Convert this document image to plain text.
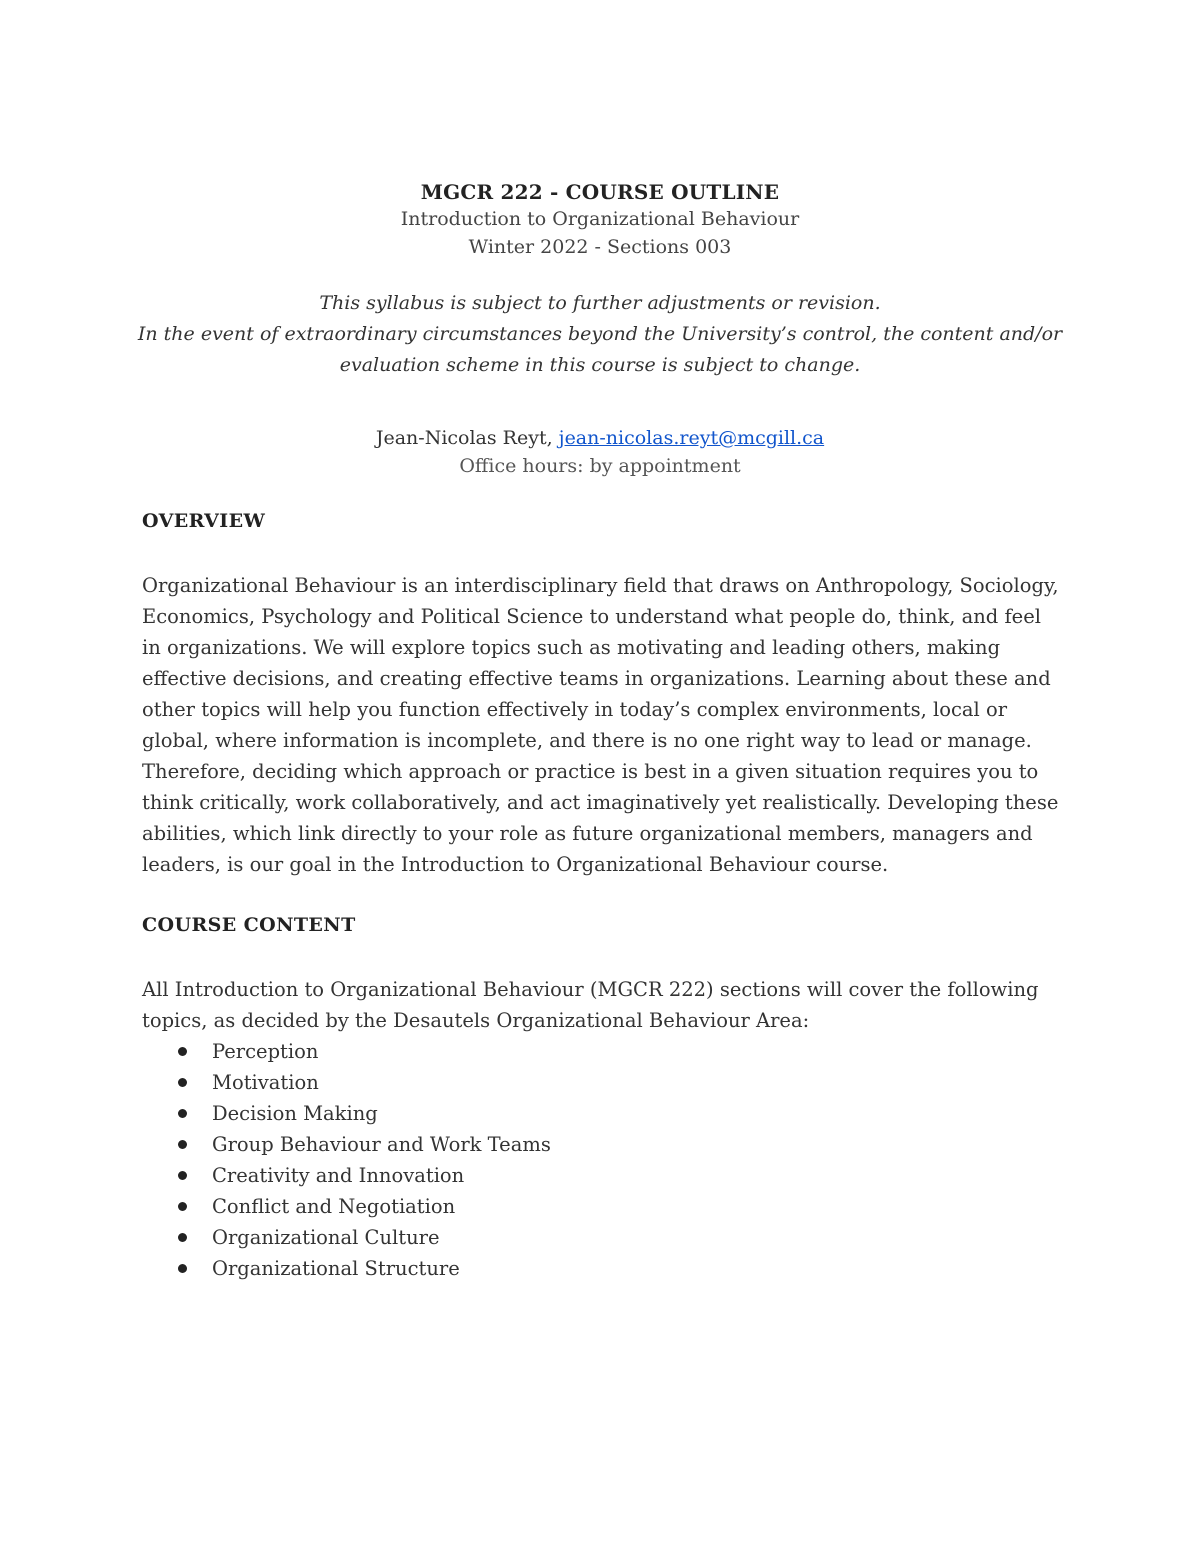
MGCR 222 - COURSE OUTLINE
Introduction to Organizational Behaviour
Winter 2022 - Sections 003
This syllabus is subject to further adjustments or revision.
In the event of extraordinary circumstances beyond the University’s control, the content and/or evaluation scheme in this course is subject to change.
Jean-Nicolas Reyt, jean-nicolas.reyt@mcgill.ca
Office hours: by appointment
OVERVIEW
Organizational Behaviour is an interdisciplinary field that draws on Anthropology, Sociology, Economics, Psychology and Political Science to understand what people do, think, and feel in organizations. We will explore topics such as motivating and leading others, making effective decisions, and creating effective teams in organizations. Learning about these and other topics will help you function effectively in today’s complex environments, local or global, where information is incomplete, and there is no one right way to lead or manage. Therefore, deciding which approach or practice is best in a given situation requires you to think critically, work collaboratively, and act imaginatively yet realistically. Developing these abilities, which link directly to your role as future organizational members, managers and leaders, is our goal in the Introduction to Organizational Behaviour course.
COURSE CONTENT
All Introduction to Organizational Behaviour (MGCR 222) sections will cover the following topics, as decided by the Desautels Organizational Behaviour Area:
Perception
Motivation
Decision Making
Group Behaviour and Work Teams
Creativity and Innovation
Conflict and Negotiation
Organizational Culture
Organizational Structure
